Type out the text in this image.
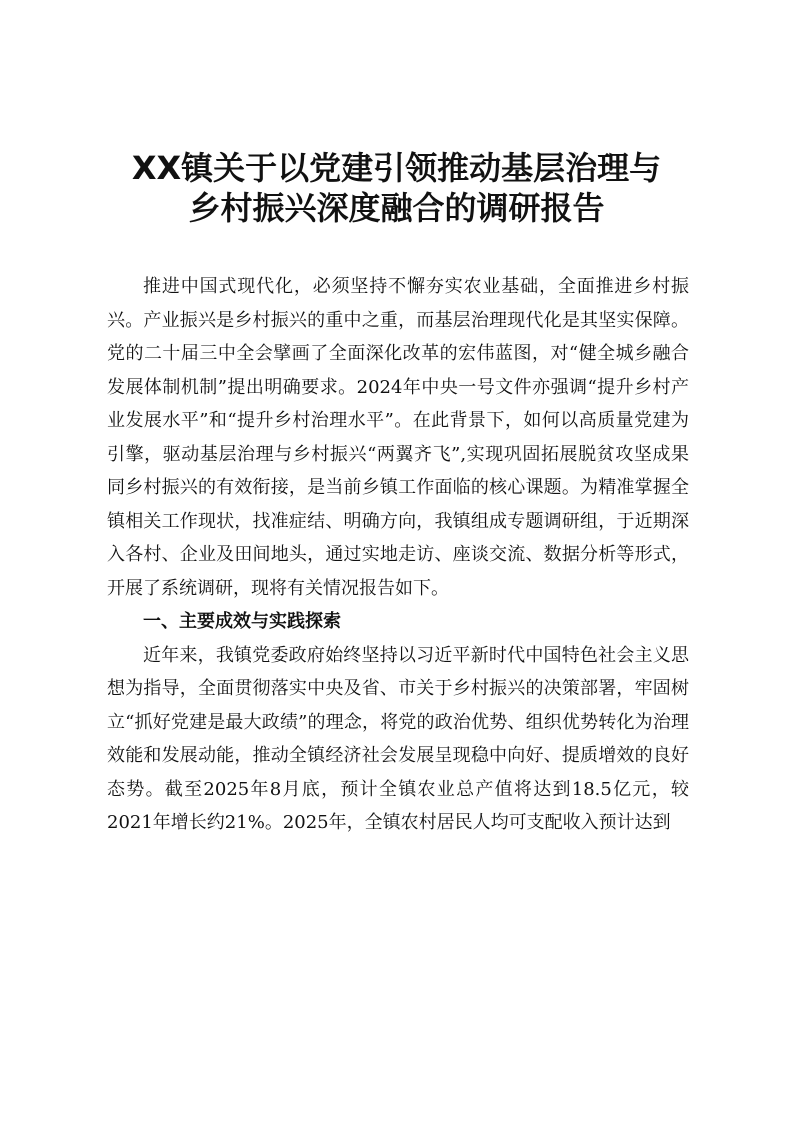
XX镇关于以党建引领推动基层治理与
乡村振兴深度融合的调研报告

推进中国式现代化，必须坚持不懈夯实农业基础，全面推进乡村振兴。产业振兴是乡村振兴的重中之重，而基层治理现代化是其坚实保障。党的二十届三中全会擘画了全面深化改革的宏伟蓝图，对“健全城乡融合发展体制机制”提出明确要求。2024年中央一号文件亦强调“提升乡村产业发展水平”和“提升乡村治理水平”。在此背景下，如何以高质量党建为引擎，驱动基层治理与乡村振兴“两翼齐飞”,实现巩固拓展脱贫攻坚成果同乡村振兴的有效衔接，是当前乡镇工作面临的核心课题。为精准掌握全镇相关工作现状，找准症结、明确方向，我镇组成专题调研组，于近期深入各村、企业及田间地头，通过实地走访、座谈交流、数据分析等形式，开展了系统调研，现将有关情况报告如下。

一、主要成效与实践探索

近年来，我镇党委政府始终坚持以习近平新时代中国特色社会主义思想为指导，全面贯彻落实中央及省、市关于乡村振兴的决策部署，牢固树立“抓好党建是最大政绩”的理念，将党的政治优势、组织优势转化为治理效能和发展动能，推动全镇经济社会发展呈现稳中向好、提质增效的良好态势。截至2025年8月底，预计全镇农业总产值将达到18.5亿元，较2021年增长约21%。2025年，全镇农村居民人均可支配收入预计达到
